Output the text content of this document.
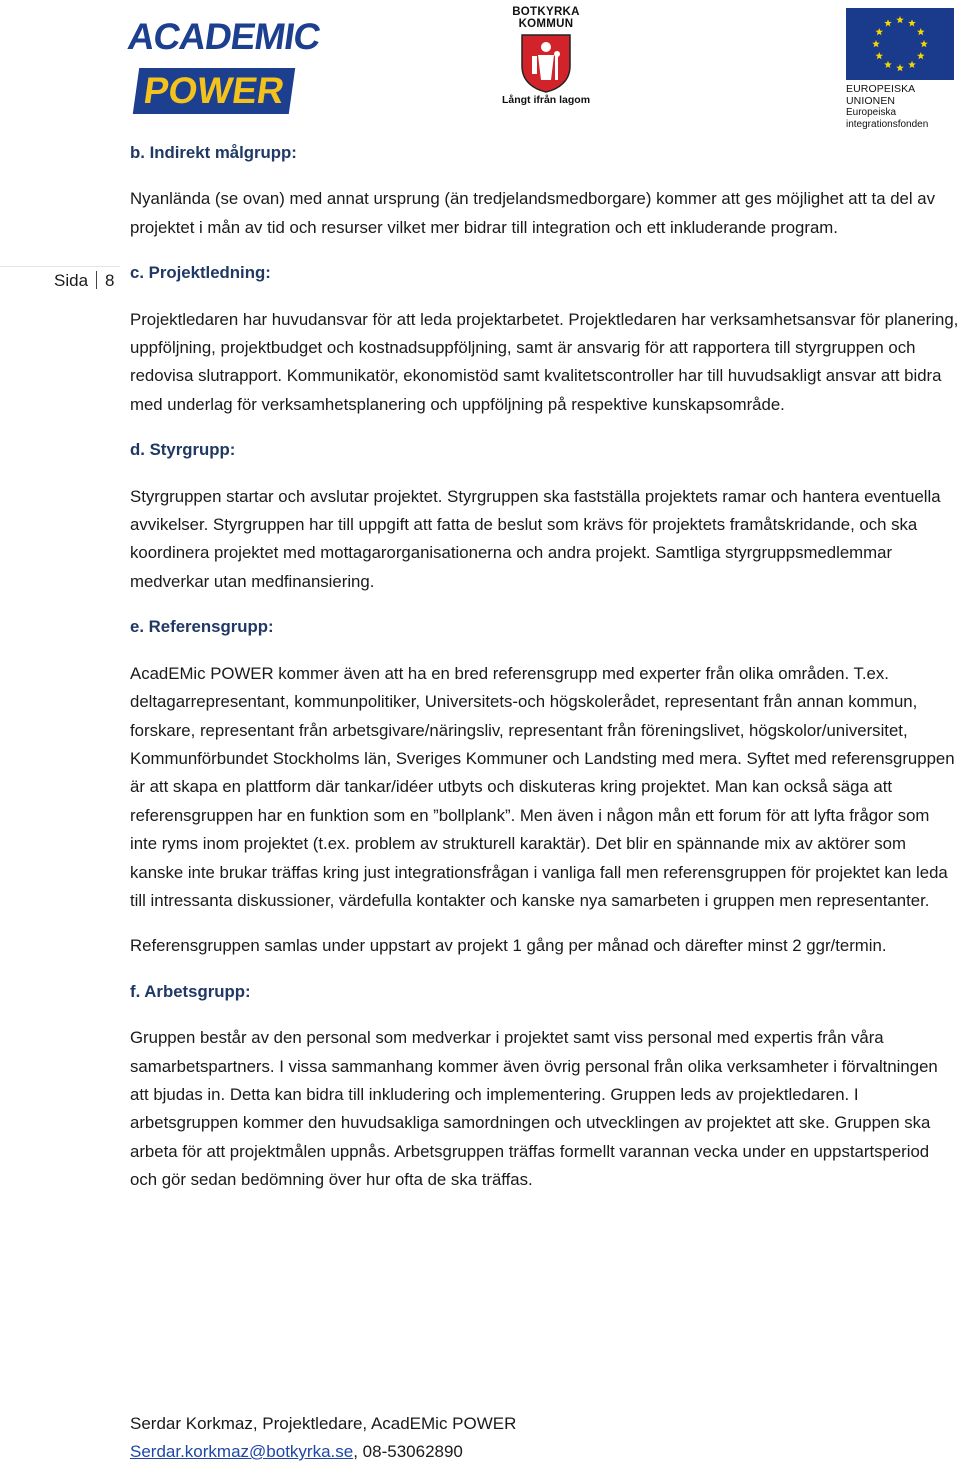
ACADEMIC
POWER
BOTKYRKA
KOMMUN
Långt ifrån lagom
EUROPEISKA UNIONEN
Europeiska integrationsfonden
Sida 8

b. Indirekt målgrupp:

Nyanlända (se ovan) med annat ursprung (än tredjelandsmedborgare) kommer att ges möjlighet att ta del av projektet i mån av tid och resurser vilket mer bidrar till integration och ett inkluderande program.

c. Projektledning:

Projektledaren har huvudansvar för att leda projektarbetet. Projektledaren har verksamhetsansvar för planering, uppföljning, projektbudget och kostnadsuppföljning, samt är ansvarig för att rapportera till styrgruppen och redovisa slutrapport. Kommunikatör, ekonomistöd samt kvalitetscontroller har till huvudsakligt ansvar att bidra med underlag för verksamhetsplanering och uppföljning på respektive kunskapsområde.

d. Styrgrupp:

Styrgruppen startar och avslutar projektet. Styrgruppen ska fastställa projektets ramar och hantera eventuella avvikelser. Styrgruppen har till uppgift att fatta de beslut som krävs för projektets framåtskridande, och ska koordinera projektet med mottagarorganisationerna och andra projekt. Samtliga styrgruppsmedlemmar medverkar utan medfinansiering.

e. Referensgrupp:

AcadEMic POWER kommer även att ha en bred referensgrupp med experter från olika områden. T.ex. deltagarrepresentant, kommunpolitiker, Universitets-och högskolerådet, representant från annan kommun, forskare, representant från arbetsgivare/näringsliv, representant från föreningslivet, högskolor/universitet, Kommunförbundet Stockholms län, Sveriges Kommuner och Landsting med mera. Syftet med referensgruppen är att skapa en plattform där tankar/idéer utbyts och diskuteras kring projektet. Man kan också säga att referensgruppen har en funktion som en ”bollplank”. Men även i någon mån ett forum för att lyfta frågor som inte ryms inom projektet (t.ex. problem av strukturell karaktär). Det blir en spännande mix av aktörer som kanske inte brukar träffas kring just integrationsfrågan i vanliga fall men referensgruppen för projektet kan leda till intressanta diskussioner, värdefulla kontakter och kanske nya samarbeten i gruppen men representanter.

Referensgruppen samlas under uppstart av projekt 1 gång per månad och därefter minst 2 ggr/termin.

f. Arbetsgrupp:

Gruppen består av den personal som medverkar i projektet samt viss personal med expertis från våra samarbetspartners. I vissa sammanhang kommer även övrig personal från olika verksamheter i förvaltningen att bjudas in. Detta kan bidra till inkludering och implementering. Gruppen leds av projektledaren. I arbetsgruppen kommer den huvudsakliga samordningen och utvecklingen av projektet att ske. Gruppen ska arbeta för att projektmålen uppnås. Arbetsgruppen träffas formellt varannan vecka under en uppstartsperiod och gör sedan bedömning över hur ofta de ska träffas.

Serdar Korkmaz, Projektledare, AcadEMic POWER
Serdar.korkmaz@botkyrka.se, 08-53062890
